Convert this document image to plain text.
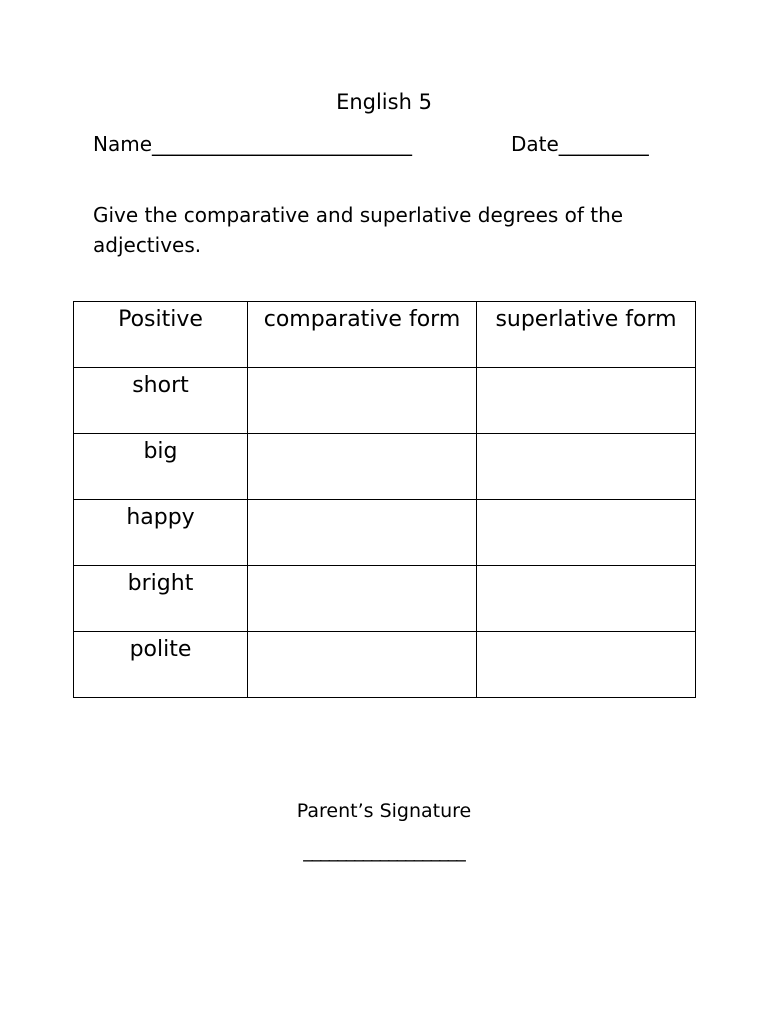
English 5
Name__________________________	Date_________
Give the comparative and superlative degrees of the adjectives.
Positive	comparative form	superlative form

short		

big		

happy		

bright		

polite		

Parent’s Signature
___________________
